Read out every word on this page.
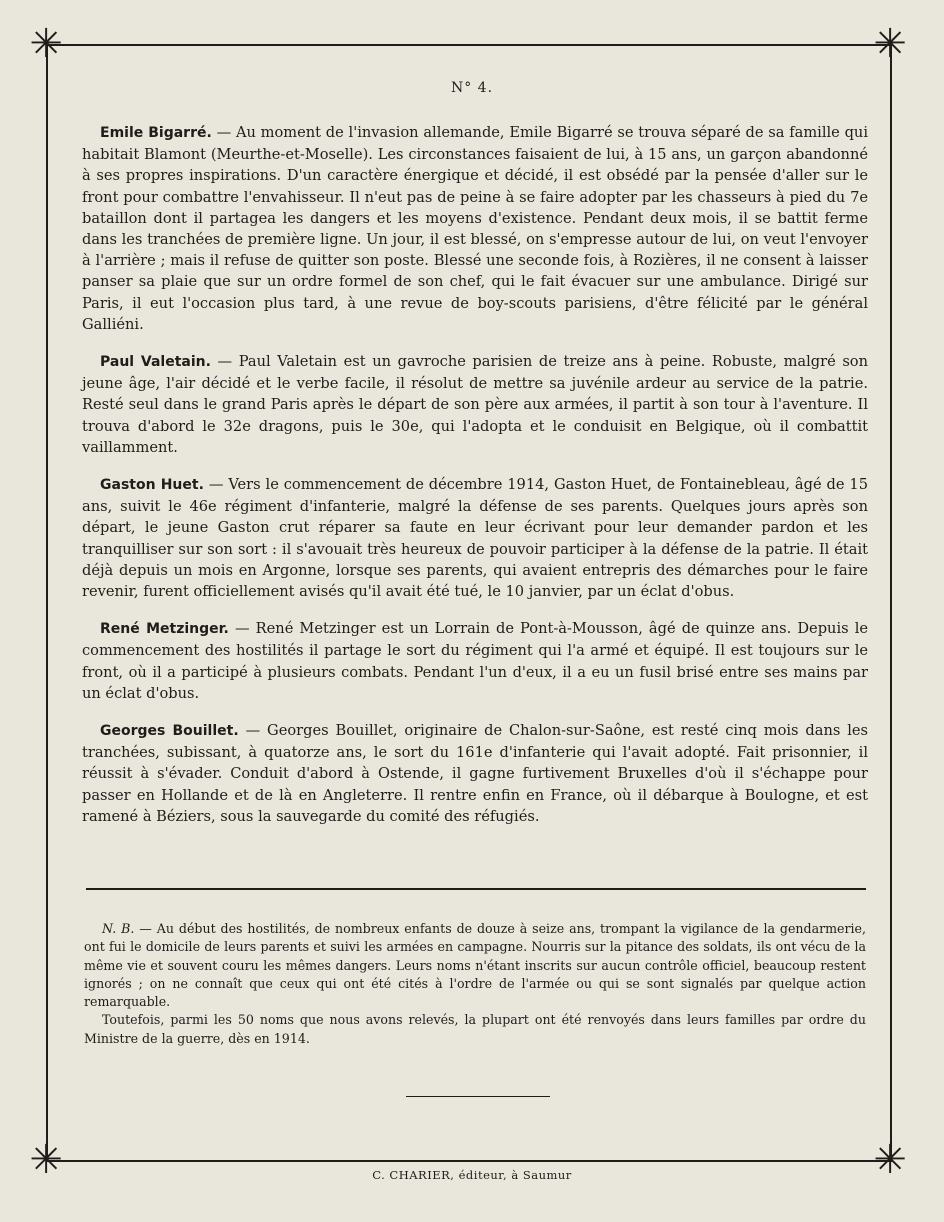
✳	✳
✳	✳
N° 4.

Emile Bigarré. — Au moment de l'invasion allemande, Emile Bigarré se trouva séparé de sa famille qui habitait Blamont (Meurthe-et-Moselle). Les circonstances faisaient de lui, à 15 ans, un garçon abandonné à ses propres inspirations. D'un caractère énergique et décidé, il est obsédé par la pensée d'aller sur le front pour combattre l'envahisseur. Il n'eut pas de peine à se faire adopter par les chasseurs à pied du 7e bataillon dont il partagea les dangers et les moyens d'existence. Pendant deux mois, il se battit ferme dans les tranchées de première ligne. Un jour, il est blessé, on s'empresse autour de lui, on veut l'envoyer à l'arrière ; mais il refuse de quitter son poste. Blessé une seconde fois, à Rozières, il ne consent à laisser panser sa plaie que sur un ordre formel de son chef, qui le fait évacuer sur une ambulance. Dirigé sur Paris, il eut l'occasion plus tard, à une revue de boy-scouts parisiens, d'être félicité par le général Galliéni.

Paul Valetain. — Paul Valetain est un gavroche parisien de treize ans à peine. Robuste, malgré son jeune âge, l'air décidé et le verbe facile, il résolut de mettre sa juvénile ardeur au service de la patrie. Resté seul dans le grand Paris après le départ de son père aux armées, il partit à son tour à l'aventure. Il trouva d'abord le 32e dragons, puis le 30e, qui l'adopta et le conduisit en Belgique, où il combattit vaillamment.

Gaston Huet. — Vers le commencement de décembre 1914, Gaston Huet, de Fontainebleau, âgé de 15 ans, suivit le 46e régiment d'infanterie, malgré la défense de ses parents. Quelques jours après son départ, le jeune Gaston crut réparer sa faute en leur écrivant pour leur demander pardon et les tranquilliser sur son sort : il s'avouait très heureux de pouvoir participer à la défense de la patrie. Il était déjà depuis un mois en Argonne, lorsque ses parents, qui avaient entrepris des démarches pour le faire revenir, furent officiellement avisés qu'il avait été tué, le 10 janvier, par un éclat d'obus.

René Metzinger. — René Metzinger est un Lorrain de Pont-à-Mousson, âgé de quinze ans. Depuis le commencement des hostilités il partage le sort du régiment qui l'a armé et équipé. Il est toujours sur le front, où il a participé à plusieurs combats. Pendant l'un d'eux, il a eu un fusil brisé entre ses mains par un éclat d'obus.

Georges Bouillet. — Georges Bouillet, originaire de Chalon-sur-Saône, est resté cinq mois dans les tranchées, subissant, à quatorze ans, le sort du 161e d'infanterie qui l'avait adopté. Fait prisonnier, il réussit à s'évader. Conduit d'abord à Ostende, il gagne furtivement Bruxelles d'où il s'échappe pour passer en Hollande et de là en Angleterre. Il rentre enfin en France, où il débarque à Boulogne, et est ramené à Béziers, sous la sauvegarde du comité des réfugiés.

N. B. — Au début des hostilités, de nombreux enfants de douze à seize ans, trompant la vigilance de la gendarmerie, ont fui le domicile de leurs parents et suivi les armées en campagne. Nourris sur la pitance des soldats, ils ont vécu de la même vie et souvent couru les mêmes dangers. Leurs noms n'étant inscrits sur aucun contrôle officiel, beaucoup restent ignorés ; on ne connaît que ceux qui ont été cités à l'ordre de l'armée ou qui se sont signalés par quelque action remarquable.

Toutefois, parmi les 50 noms que nous avons relevés, la plupart ont été renvoyés dans leurs familles par ordre du Ministre de la guerre, dès en 1914.

C. CHARIER, éditeur, à Saumur
